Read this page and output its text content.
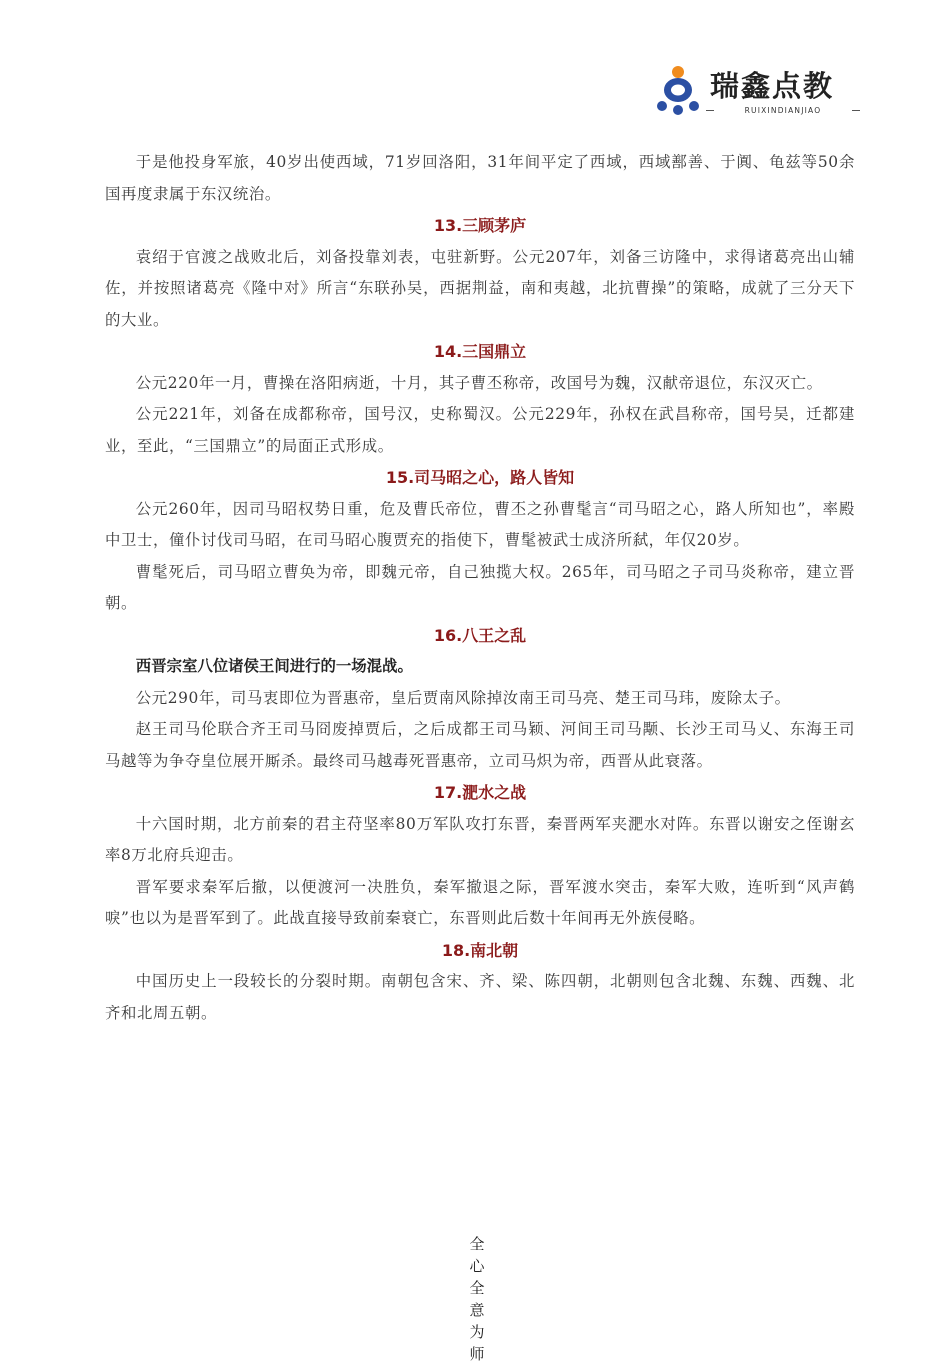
瑞鑫点教
RUIXINDIANJIAO

于是他投身军旅，40岁出使西域，71岁回洛阳，31年间平定了西域，西域鄯善、于阗、龟兹等50余国再度隶属于东汉统治。

13.三顾茅庐

袁绍于官渡之战败北后，刘备投靠刘表，屯驻新野。公元207年，刘备三访隆中，求得诸葛亮出山辅佐，并按照诸葛亮《隆中对》所言“东联孙吴，西据荆益，南和夷越，北抗曹操”的策略，成就了三分天下的大业。

14.三国鼎立

公元220年一月，曹操在洛阳病逝，十月，其子曹丕称帝，改国号为魏，汉献帝退位，东汉灭亡。

公元221年，刘备在成都称帝，国号汉，史称蜀汉。公元229年，孙权在武昌称帝，国号吴，迁都建业，至此，“三国鼎立”的局面正式形成。

15.司马昭之心，路人皆知

公元260年，因司马昭权势日重，危及曹氏帝位，曹丕之孙曹髦言“司马昭之心，路人所知也”，率殿中卫士，僮仆讨伐司马昭，在司马昭心腹贾充的指使下，曹髦被武士成济所弑，年仅20岁。

曹髦死后，司马昭立曹奂为帝，即魏元帝，自己独揽大权。265年，司马昭之子司马炎称帝，建立晋朝。

16.八王之乱

西晋宗室八位诸侯王间进行的一场混战。

公元290年，司马衷即位为晋惠帝，皇后贾南风除掉汝南王司马亮、楚王司马玮，废除太子。

赵王司马伦联合齐王司马冏废掉贾后，之后成都王司马颖、河间王司马颙、长沙王司马乂、东海王司马越等为争夺皇位展开厮杀。最终司马越毒死晋惠帝，立司马炽为帝，西晋从此衰落。

17.淝水之战

十六国时期，北方前秦的君主苻坚率80万军队攻打东晋，秦晋两军夹淝水对阵。东晋以谢安之侄谢玄率8万北府兵迎击。

晋军要求秦军后撤，以便渡河一决胜负，秦军撤退之际，晋军渡水突击，秦军大败，连听到“风声鹤唳”也以为是晋军到了。此战直接导致前秦衰亡，东晋则此后数十年间再无外族侵略。

18.南北朝

中国历史上一段较长的分裂时期。南朝包含宋、齐、梁、陈四朝，北朝则包含北魏、东魏、西魏、北齐和北周五朝。

全心全意为师
